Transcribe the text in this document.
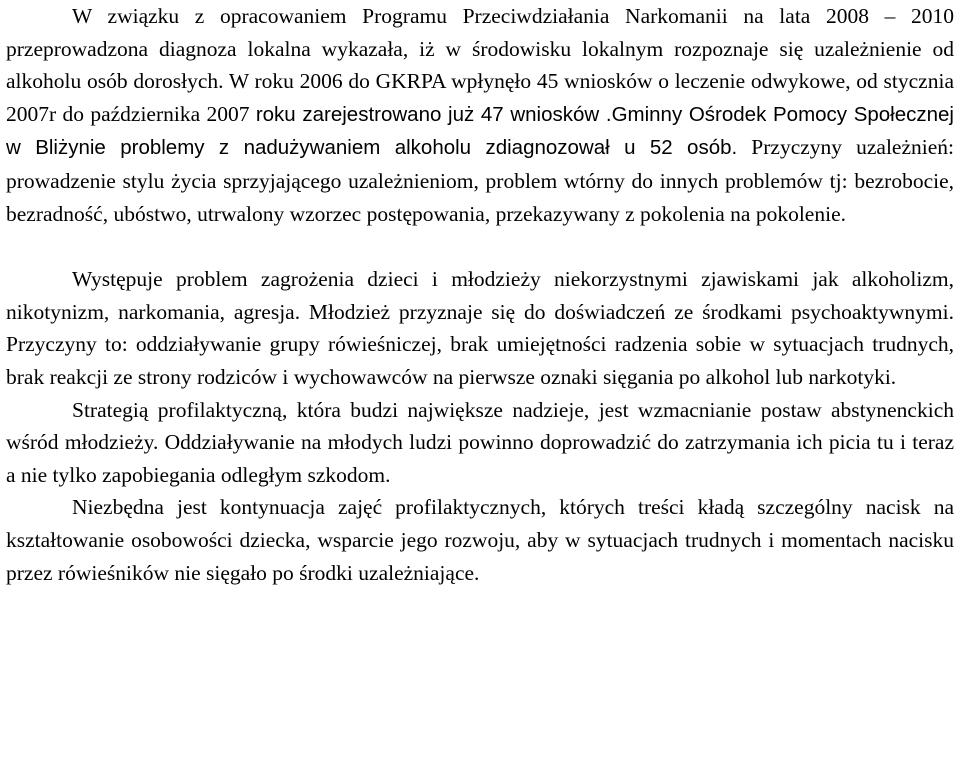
W związku z opracowaniem Programu Przeciwdziałania Narkomanii na lata 2008 – 2010 przeprowadzona diagnoza lokalna wykazała, iż w środowisku lokalnym rozpoznaje się uzależnienie od alkoholu osób dorosłych. W roku 2006 do GKRPA wpłynęło 45 wniosków o leczenie odwykowe, od stycznia 2007r do października 2007 roku zarejestrowano już 47 wniosków .Gminny Ośrodek Pomocy Społecznej w Bliżynie problemy z nadużywaniem alkoholu zdiagnozował u 52 osób. Przyczyny uzależnień: prowadzenie stylu życia sprzyjającego uzależnieniom, problem wtórny do innych problemów tj: bezrobocie, bezradność, ubóstwo, utrwalony wzorzec postępowania, przekazywany z pokolenia na pokolenie.

Występuje problem zagrożenia dzieci i młodzieży niekorzystnymi zjawiskami jak alkoholizm, nikotynizm, narkomania, agresja. Młodzież przyznaje się do doświadczeń ze środkami psychoaktywnymi. Przyczyny to: oddziaływanie grupy rówieśniczej, brak umiejętności radzenia sobie w sytuacjach trudnych, brak reakcji ze strony rodziców i wychowawców na pierwsze oznaki sięgania po alkohol lub narkotyki.

Strategią profilaktyczną, która budzi największe nadzieje, jest wzmacnianie postaw abstynenckich wśród młodzieży. Oddziaływanie na młodych ludzi powinno doprowadzić do zatrzymania ich picia tu i teraz a nie tylko zapobiegania odległym szkodom.

Niezbędna jest kontynuacja zajęć profilaktycznych, których treści kładą szczególny nacisk na kształtowanie osobowości dziecka, wsparcie jego rozwoju, aby w sytuacjach trudnych i momentach nacisku przez rówieśników nie sięgało po środki uzależniające.
